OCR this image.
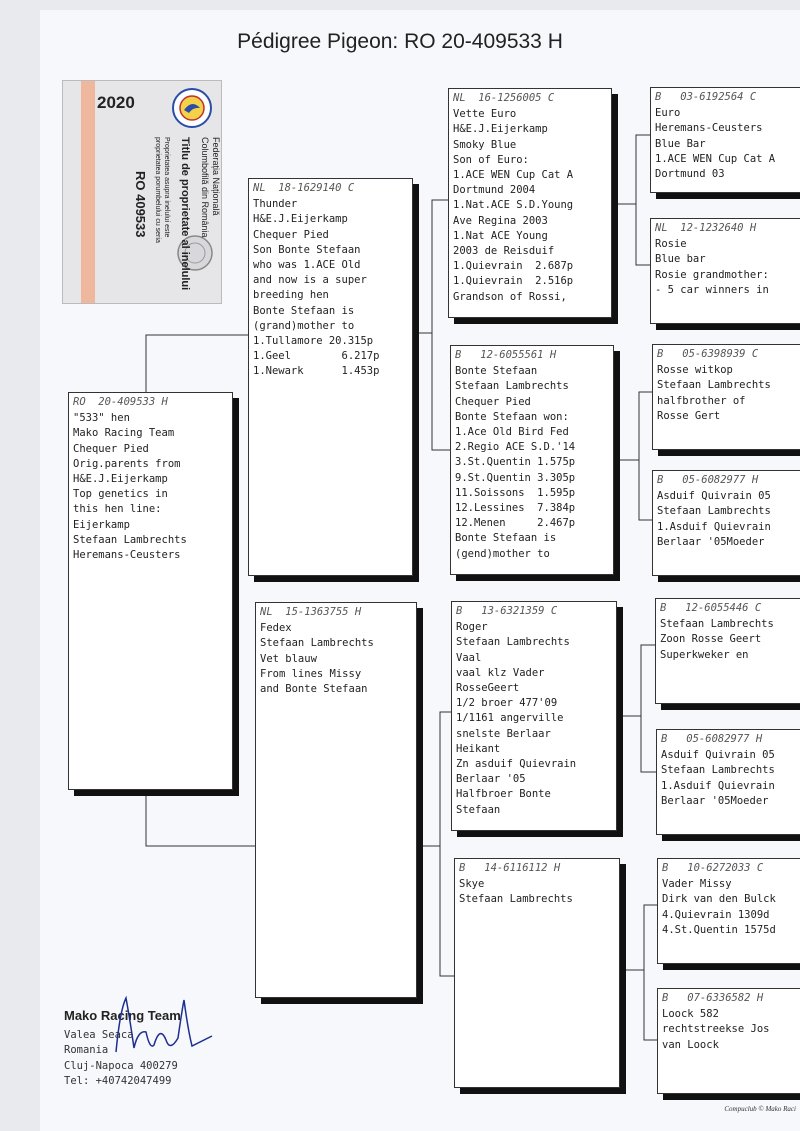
Pédigree Pigeon: RO 20-409533 H
2020
Federația Națională
Columbofilă din România
Titlu de proprietate al inelului
Proprietatea asupra inelului este
proprietatea porumbelului cu seria
RO 409533
RO  20-409533 H
"533" hen
Mako Racing Team
Chequer Pied
Orig.parents from
H&E.J.Eijerkamp
Top genetics in
this hen line:
Eijerkamp
Stefaan Lambrechts
Heremans-Ceusters
NL  18-1629140 C
Thunder
H&E.J.Eijerkamp
Chequer Pied
Son Bonte Stefaan
who was 1.ACE Old
and now is a super
breeding hen
Bonte Stefaan is
(grand)mother to
1.Tullamore 20.315p
1.Geel        6.217p
1.Newark      1.453p
NL  15-1363755 H
Fedex
Stefaan Lambrechts
Vet blauw
From lines Missy
and Bonte Stefaan
NL  16-1256005 C
Vette Euro
H&E.J.Eijerkamp
Smoky Blue
Son of Euro:
1.ACE WEN Cup Cat A
Dortmund 2004
1.Nat.ACE S.D.Young
Ave Regina 2003
1.Nat ACE Young
2003 de Reisduif
1.Quievrain  2.687p
1.Quievrain  2.516p
Grandson of Rossi,
B   12-6055561 H
Bonte Stefaan
Stefaan Lambrechts
Chequer Pied
Bonte Stefaan won:
1.Ace Old Bird Fed
2.Regio ACE S.D.'14
3.St.Quentin 1.575p
9.St.Quentin 3.305p
11.Soissons  1.595p
12.Lessines  7.384p
12.Menen     2.467p
Bonte Stefaan is
(gend)mother to
B   13-6321359 C
Roger
Stefaan Lambrechts
Vaal
vaal klz Vader
RosseGeert
1/2 broer 477'09
1/1161 angerville
snelste Berlaar
Heikant
Zn asduif Quievrain
Berlaar '05
Halfbroer Bonte
Stefaan
B   14-6116112 H
Skye
Stefaan Lambrechts
B   03-6192564 C
Euro
Heremans-Ceusters
Blue Bar
1.ACE WEN Cup Cat A
Dortmund 03
NL  12-1232640 H
Rosie
Blue bar
Rosie grandmother:
- 5 car winners in
B   05-6398939 C
Rosse witkop
Stefaan Lambrechts
halfbrother of
Rosse Gert
B   05-6082977 H
Asduif Quivrain 05
Stefaan Lambrechts
1.Asduif Quievrain
Berlaar '05Moeder
B   12-6055446 C
Stefaan Lambrechts
Zoon Rosse Geert
Superkweker en
B   05-6082977 H
Asduif Quivrain 05
Stefaan Lambrechts
1.Asduif Quievrain
Berlaar '05Moeder
B   10-6272033 C
Vader Missy
Dirk van den Bulck
4.Quievrain 1309d
4.St.Quentin 1575d
B   07-6336582 H
Loock 582
rechtstreekse Jos
van Loock
Mako Racing Team
Valea Seaca
Romania
Cluj-Napoca 400279
Tel: +40742047499
Compuclub © Mako Raci
